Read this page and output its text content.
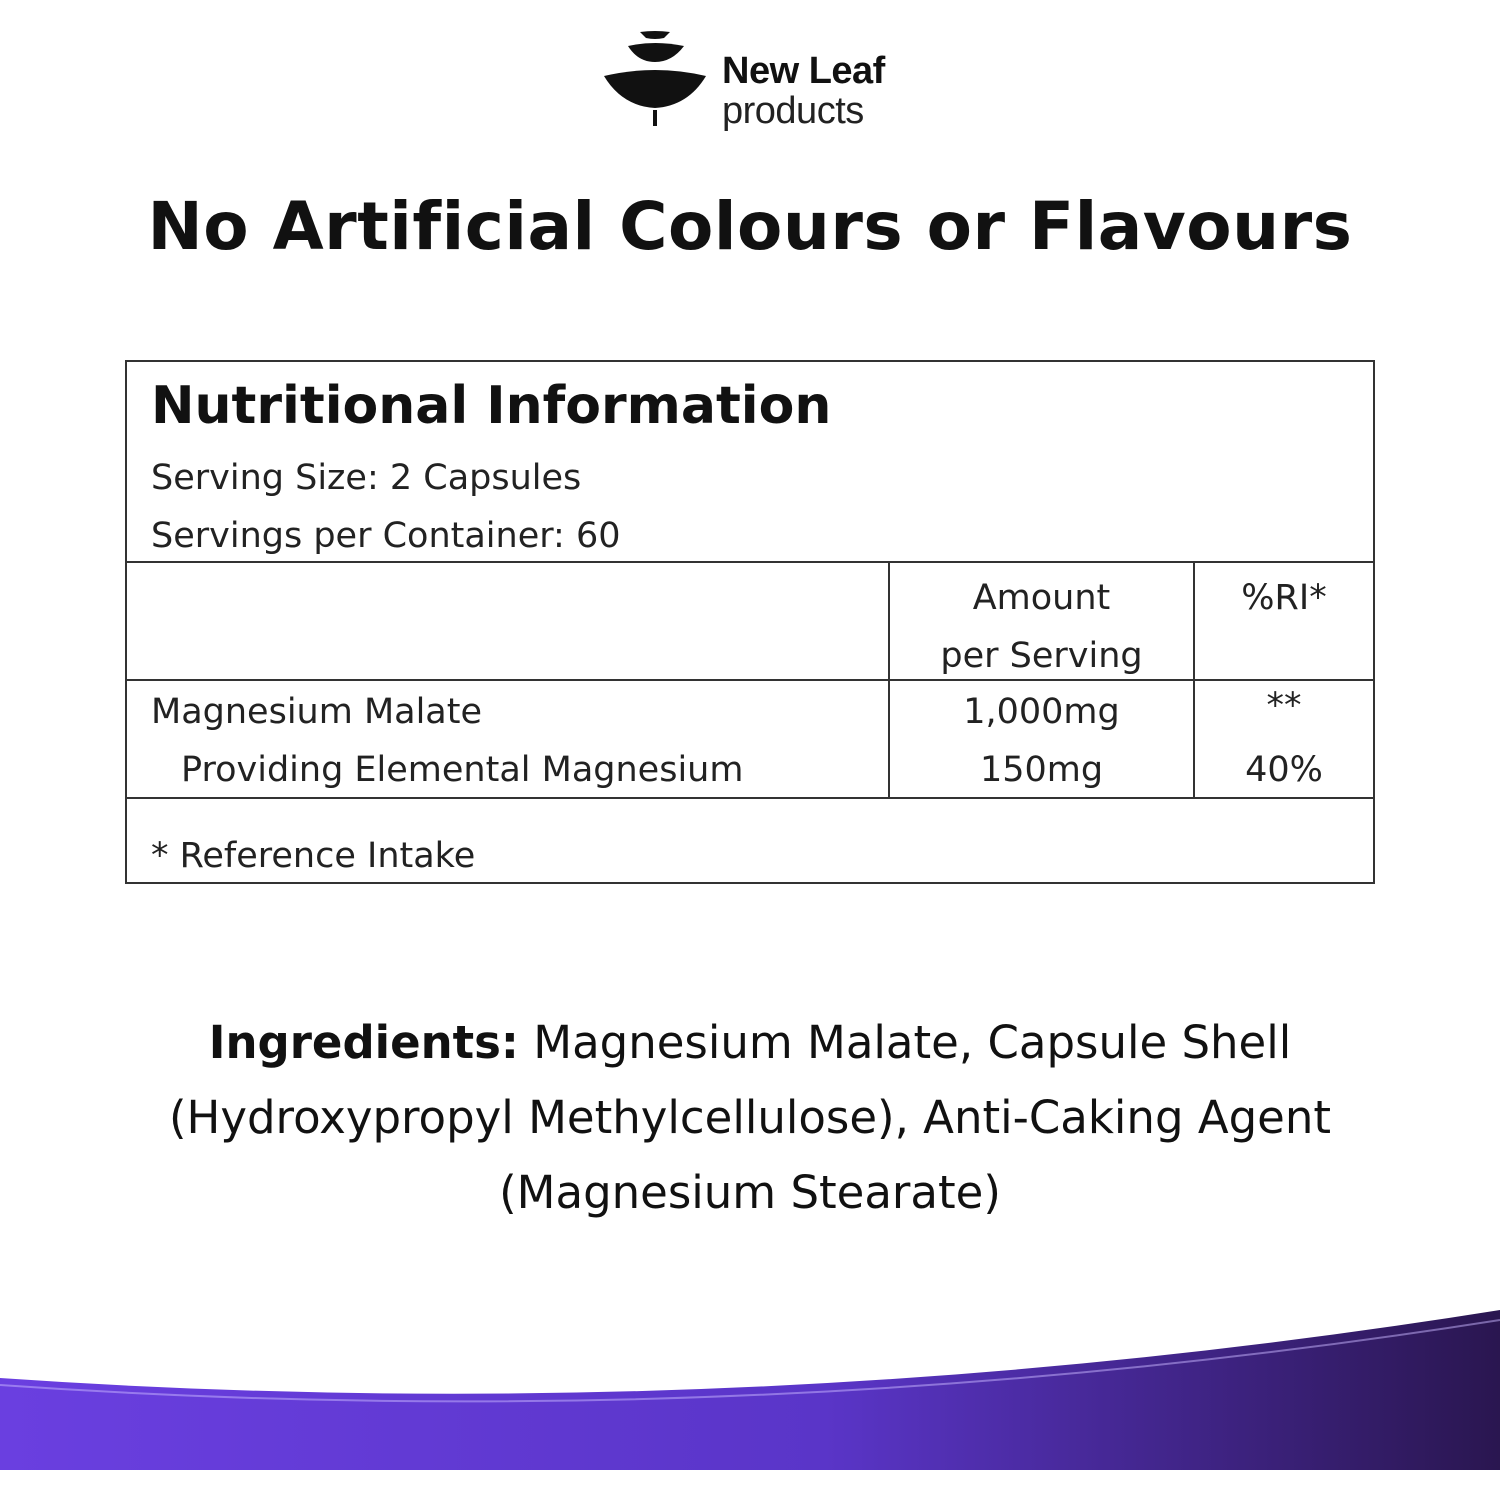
New Leaf
products
No Artificial Colours or Flavours
Nutritional Information
Serving Size: 2 Capsules
Servings per Container: 60
Amount
per Serving
%RI*
Magnesium Malate
Providing Elemental Magnesium
1,000mg
150mg
**
40%
* Reference Intake

Ingredients: Magnesium Malate, Capsule Shell (Hydroxypropyl Methylcellulose), Anti-Caking Agent (Magnesium Stearate)
